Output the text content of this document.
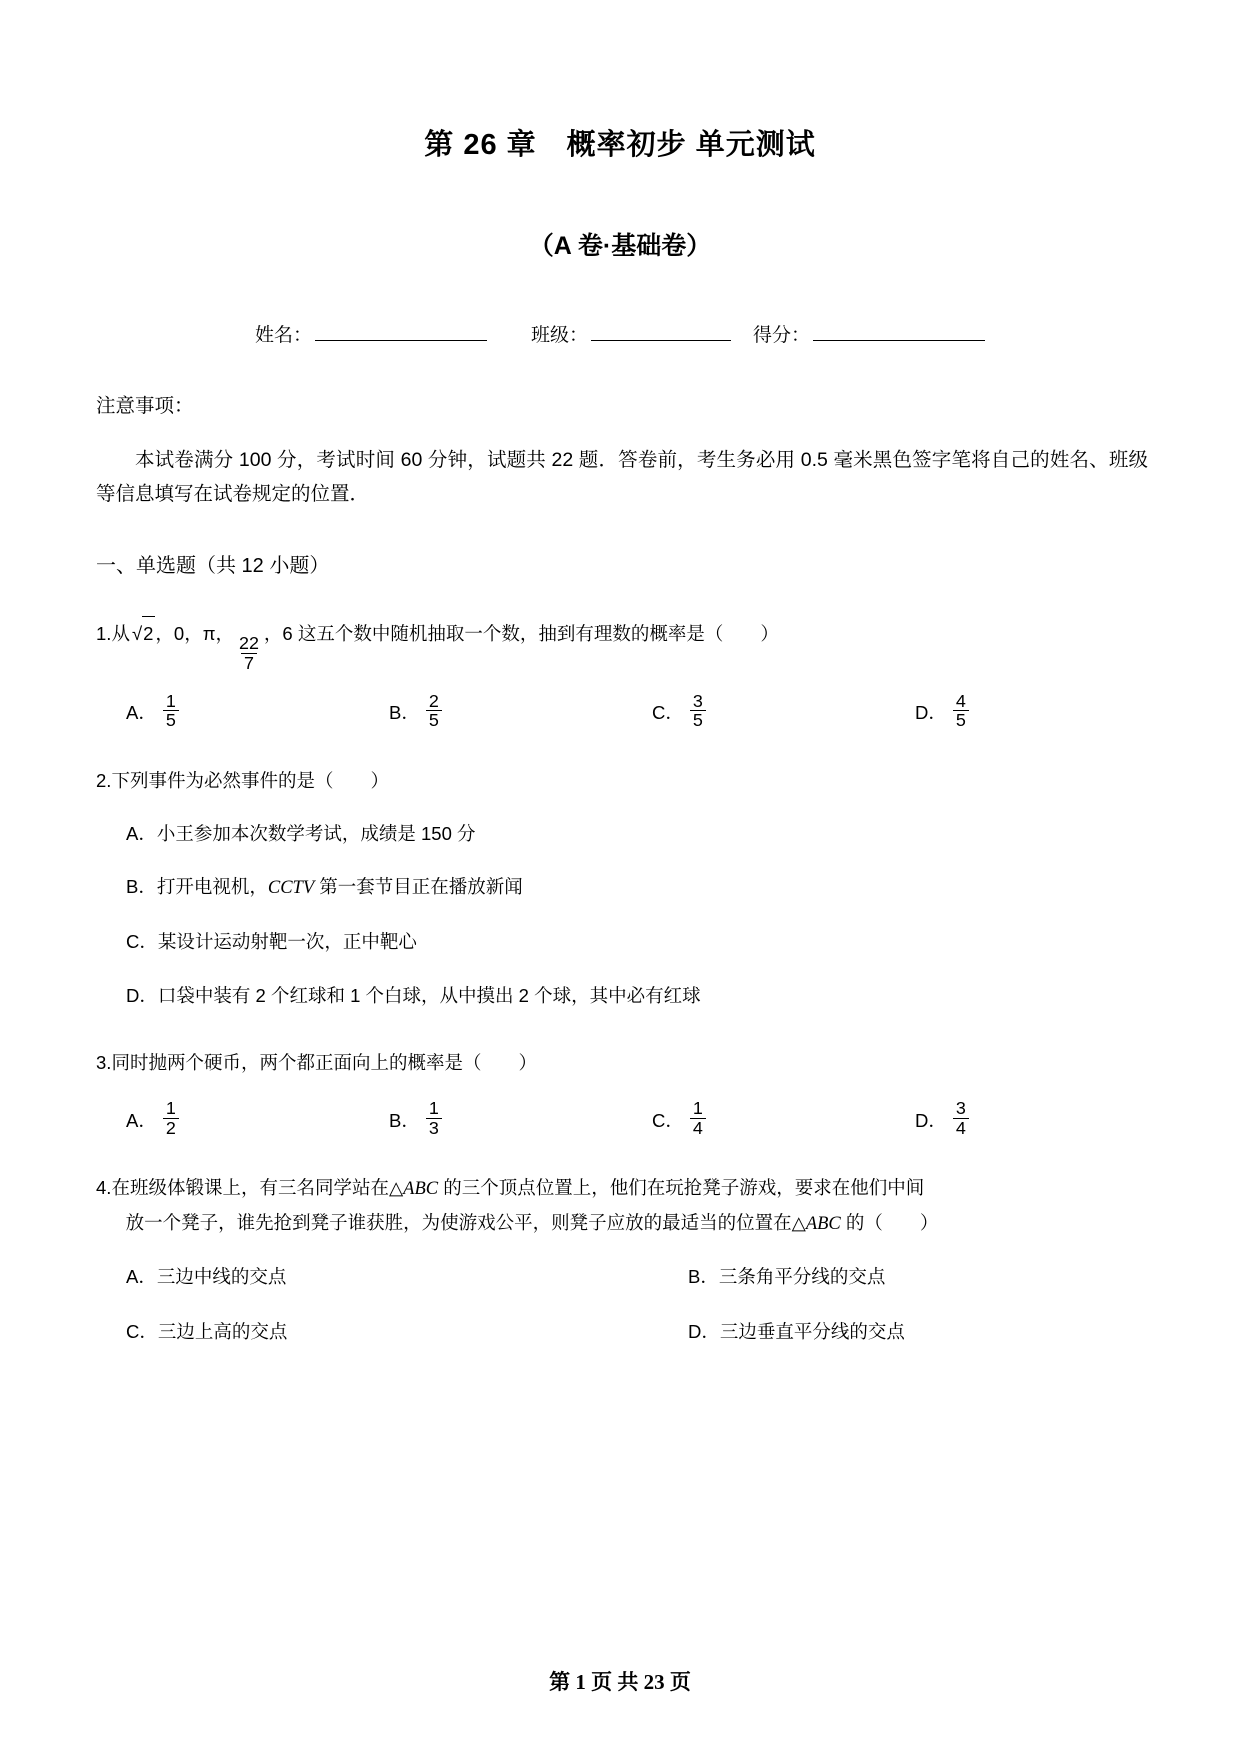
第 26 章　概率初步 单元测试
（A 卷·基础卷）
姓名：	班级：	得分：
注意事项：
本试卷满分 100 分，考试时间 60 分钟，试题共 22 题．答卷前，考生务必用 0.5 毫米黑色签字笔将自己的姓名、班级等信息填写在试卷规定的位置．
一、单选题（共 12 小题）
1.从 √2 ，0，π，
$\frac{22}{7}$
，6 这五个数中随机抽取一个数，抽到有理数的概率是（　　）
A． $\frac{1}{5}$	B． $\frac{2}{5}$	C． $\frac{3}{5}$	D． $\frac{4}{5}$
2.下列事件为必然事件的是（　　）
A．小王参加本次数学考试，成绩是 150 分
B．打开电视机，CCTV 第一套节目正在播放新闻
C．某设计运动射靶一次，正中靶心
D．口袋中装有 2 个红球和 1 个白球，从中摸出 2 个球，其中必有红球
3.同时抛两个硬币，两个都正面向上的概率是（　　）
A． $\frac{1}{2}$	B． $\frac{1}{3}$	C． $\frac{1}{4}$	D． $\frac{3}{4}$
4.在班级体锻课上，有三名同学站在△ABC 的三个顶点位置上，他们在玩抢凳子游戏，要求在他们中间
放一个凳子，谁先抢到凳子谁获胜，为使游戏公平，则凳子应放的最适当的位置在△ABC 的（　　）
A．三边中线的交点	B．三条角平分线的交点
C．三边上高的交点	D．三边垂直平分线的交点
第 1 页 共 23 页
